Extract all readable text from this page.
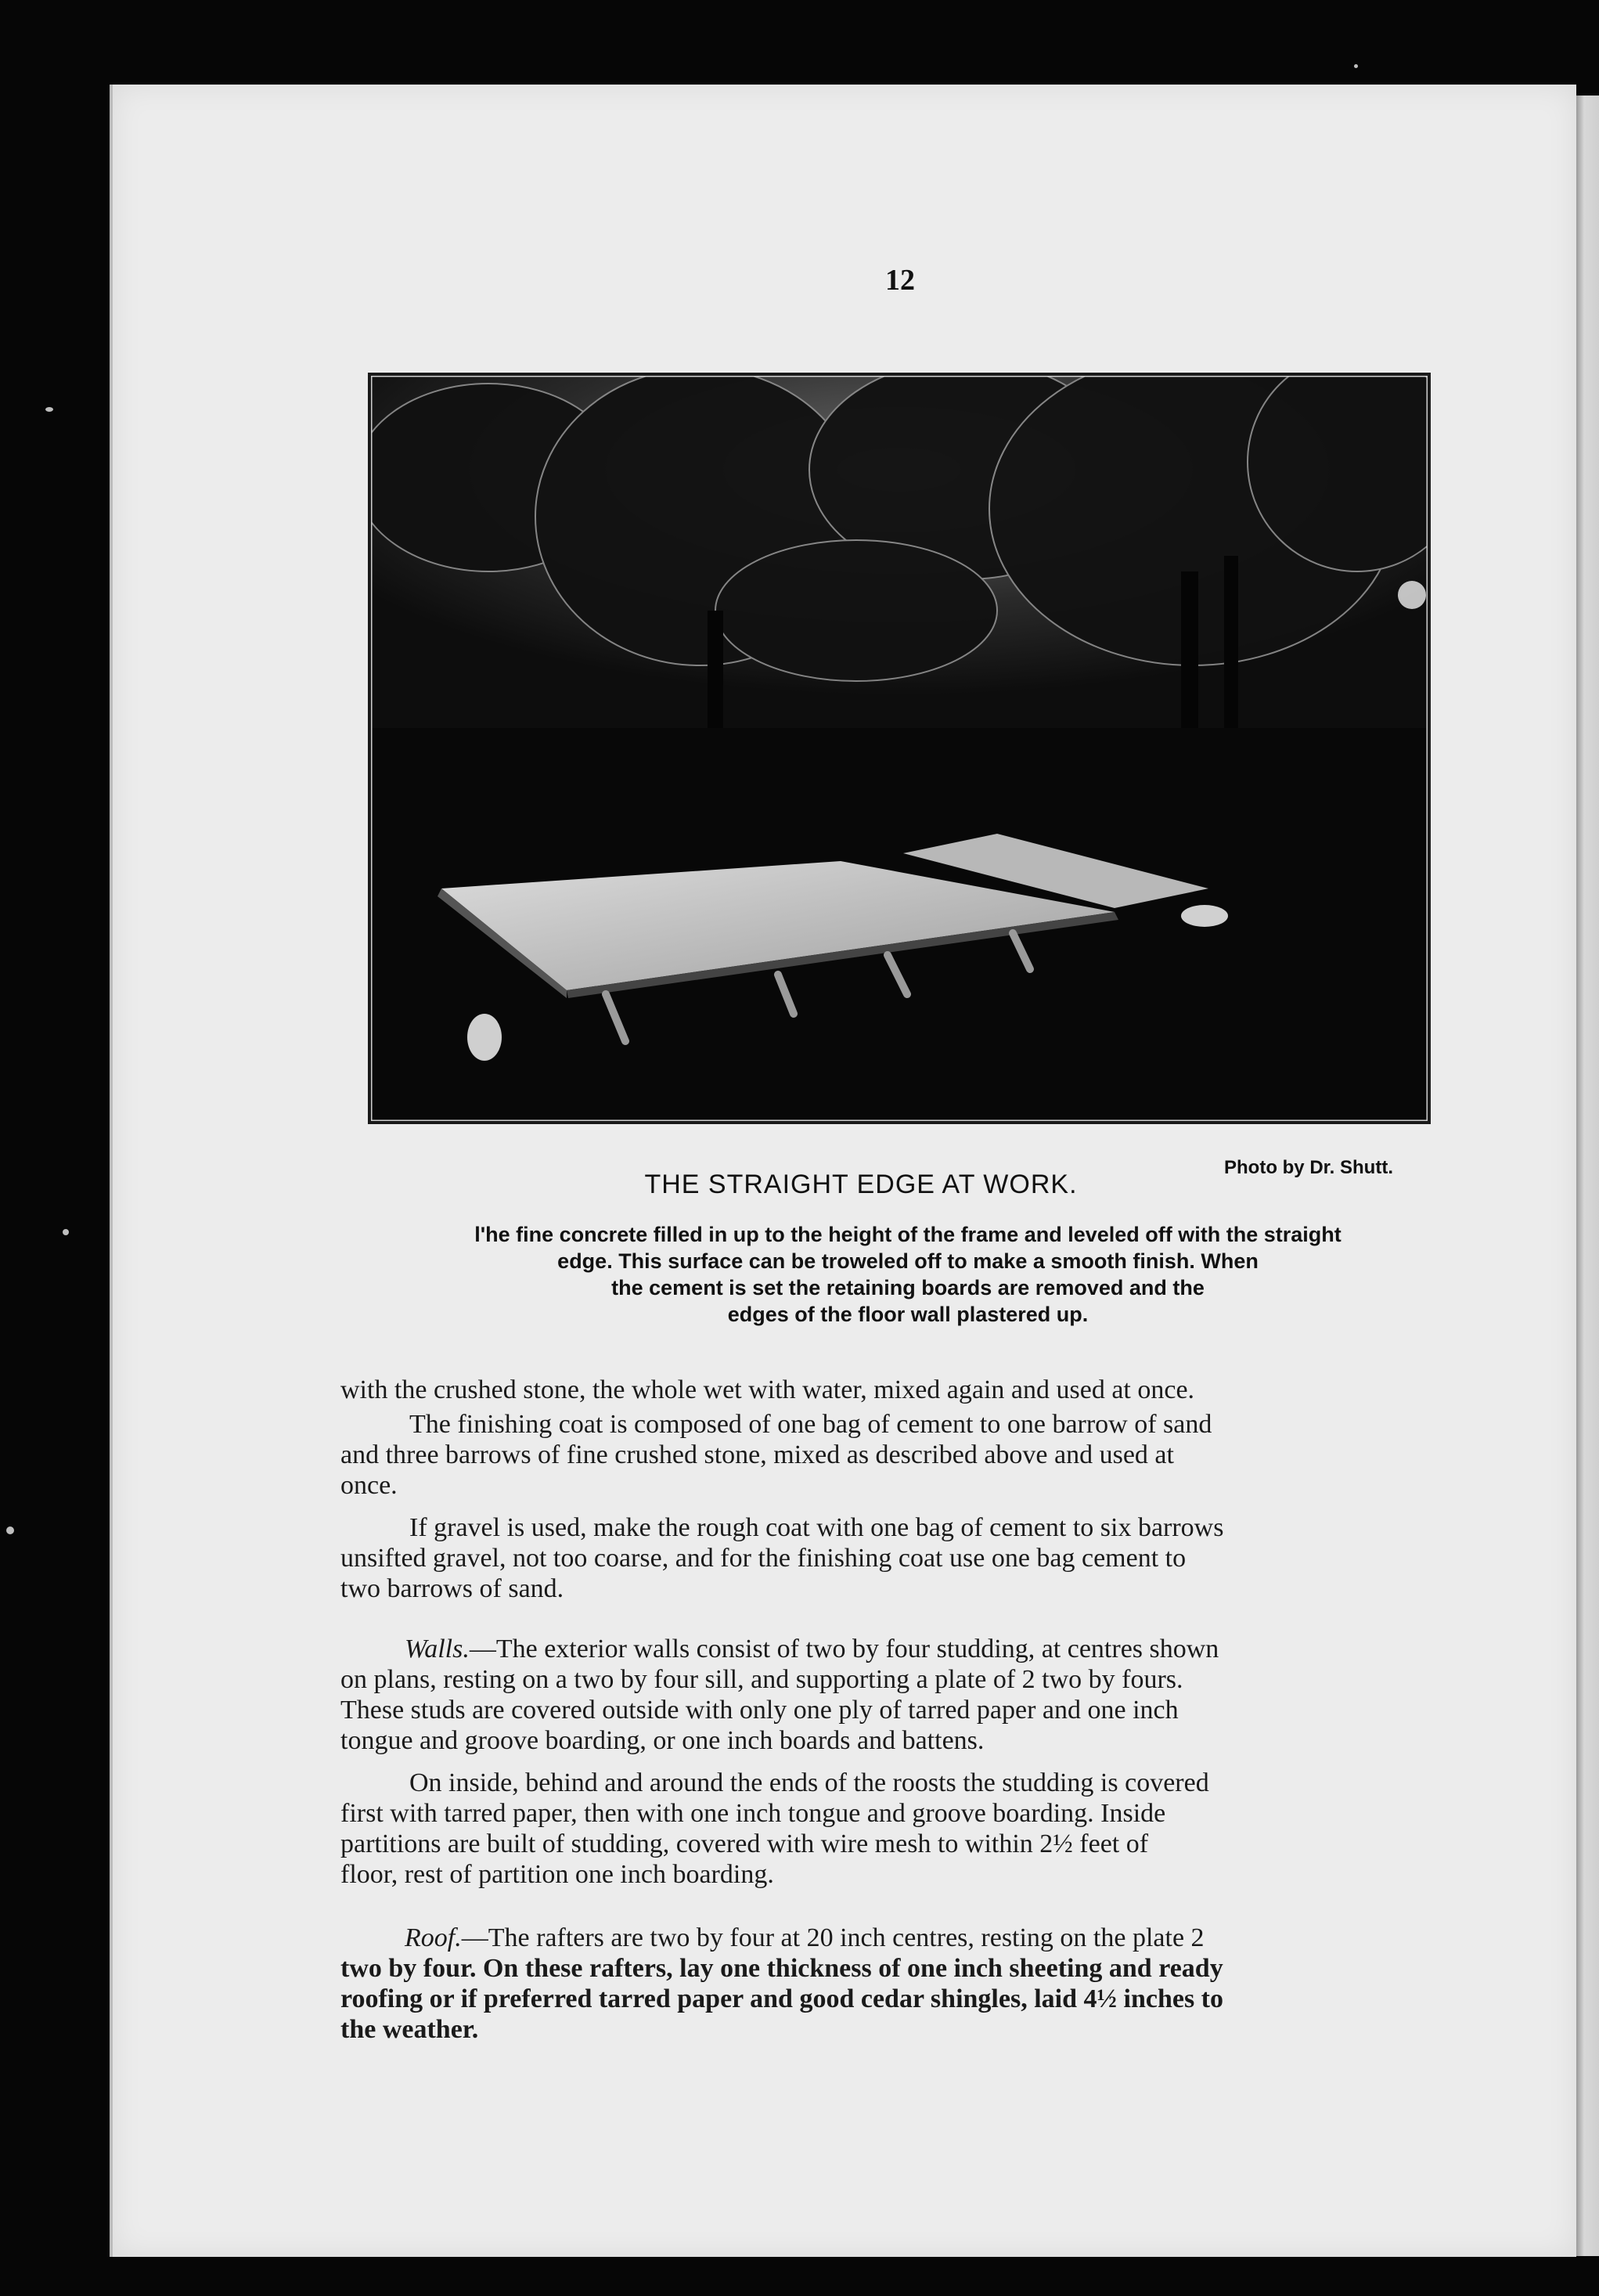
12
Photo by Dr. Shutt.
THE STRAIGHT EDGE AT WORK.
l'he fine concrete filled in up to the height of the frame and leveled off with the straight
edge. This surface can be troweled off to make a smooth finish. When
the cement is set the retaining boards are removed and the
edges of the floor wall plastered up.
with the crushed stone, the whole wet with water, mixed again and used at once.
The finishing coat is composed of one bag of cement to one barrow of sand
and three barrows of fine crushed stone, mixed as described above and used at
once.
If gravel is used, make the rough coat with one bag of cement to six barrows
unsifted gravel, not too coarse, and for the finishing coat use one bag cement to
two barrows of sand.
Walls.—The exterior walls consist of two by four studding, at centres shown
on plans, resting on a two by four sill, and supporting a plate of 2 two by fours.
These studs are covered outside with only one ply of tarred paper and one inch
tongue and groove boarding, or one inch boards and battens.
On inside, behind and around the ends of the roosts the studding is covered
first with tarred paper, then with one inch tongue and groove boarding. Inside
partitions are built of studding, covered with wire mesh to within 2½ feet of
floor, rest of partition one inch boarding.
Roof.—The rafters are two by four at 20 inch centres, resting on the plate 2
two by four. On these rafters, lay one thickness of one inch sheeting and ready
roofing or if preferred tarred paper and good cedar shingles, laid 4½ inches to
the weather.
